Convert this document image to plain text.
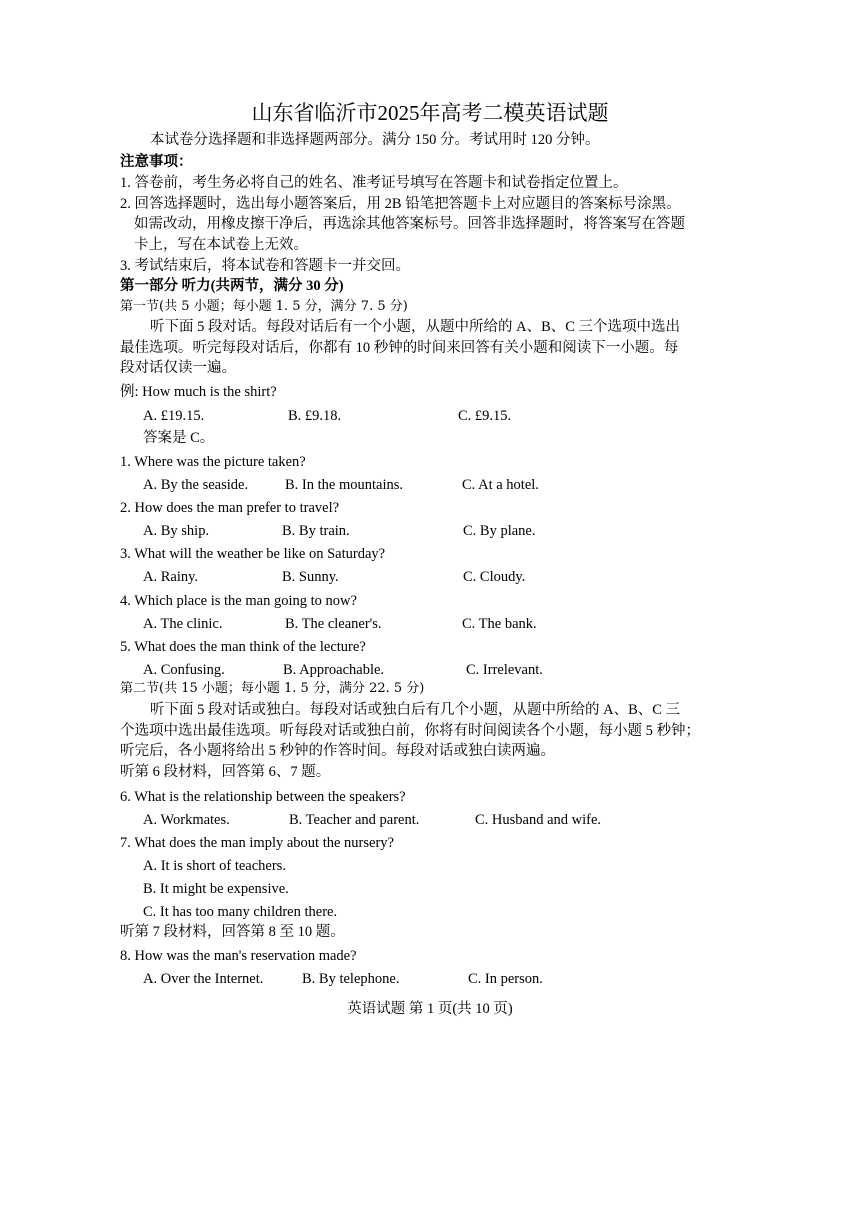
山东省临沂市2025年高考二模英语试题
本试卷分选择题和非选择题两部分。满分 150 分。考试用时 120 分钟。
注意事项：
1. 答卷前，考生务必将自己的姓名、准考证号填写在答题卡和试卷指定位置上。
2. 回答选择题时，选出每小题答案后，用 2B 铅笔把答题卡上对应题目的答案标号涂黑。
如需改动，用橡皮擦干净后，再选涂其他答案标号。回答非选择题时，将答案写在答题
卡上，写在本试卷上无效。
3. 考试结束后，将本试卷和答题卡一并交回。
第一部分 听力(共两节，满分 30 分)
第一节(共 5 小题；每小题 1. 5 分，满分 7. 5 分)
听下面 5 段对话。每段对话后有一个小题，从题中所给的 A、B、C 三个选项中选出
最佳选项。听完每段对话后，你都有 10 秒钟的时间来回答有关小题和阅读下一小题。每
段对话仅读一遍。
例: How much is the shirt?
A. £19.15.	B. £9.18.	C. £9.15.
答案是 C。
1. Where was the picture taken?
A. By the seaside.	B. In the mountains.	C. At a hotel.
2. How does the man prefer to travel?
A. By ship.	B. By train.	C. By plane.
3. What will the weather be like on Saturday?
A. Rainy.	B. Sunny.	C. Cloudy.
4. Which place is the man going to now?
A. The clinic.	B. The cleaner's.	C. The bank.
5. What does the man think of the lecture?
A. Confusing.	B. Approachable.	C. Irrelevant.
第二节(共 15 小题；每小题 1. 5 分，满分 22. 5 分)
听下面 5 段对话或独白。每段对话或独白后有几个小题，从题中所给的 A、B、C 三
个选项中选出最佳选项。听每段对话或独白前，你将有时间阅读各个小题，每小题 5 秒钟；
听完后，各小题将给出 5 秒钟的作答时间。每段对话或独白读两遍。
听第 6 段材料，回答第 6、7 题。
6. What is the relationship between the speakers?
A. Workmates.	B. Teacher and parent.	C. Husband and wife.
7. What does the man imply about the nursery?
A. It is short of teachers.
B. It might be expensive.
C. It has too many children there.
听第 7 段材料，回答第 8 至 10 题。
8. How was the man's reservation made?
A. Over the Internet.	B. By telephone.	C. In person.
英语试题 第 1 页(共 10 页)
